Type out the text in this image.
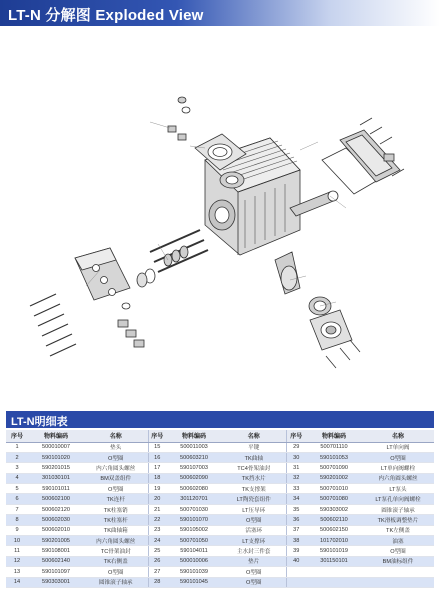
LT-N 分解图 Exploded View
LT-N明细表
序号	物料编码	名称	序号	物料编码	名称	序号	物料编码	名称
1	500010007	垫头	15	500011003	平键	29	500701110	LT单向阀
2	590101020	O型圈	16	500603210	TK曲轴	30	590101053	O型圈
3	590201015	内六角圆头螺丝	17	590107003	TC4骨架油封	31	500701090	LT单向阀螺栓
4	301030101	BM双盖组件	18	500602090	TK挡水片	32	590201002	内六角圆头螺丝
5	590101011	O型圈	19	500602080	TK支撑架	33	500701010	LT泵头
6	500602100	TK连杆	20	301120701	LT陶瓷套组件	34	500701080	LT泵孔单向阀螺栓
7	500602120	TK柱塞销	21	500701030	LT压导环	35	590303002	圆锥滚子轴承
8	500602030	TK柱塞杆	22	590101070	O型圈	36	500602110	TK滑板调整垫片
9	500602010	TK曲轴箱	23	590105002	活塞环	37	500602150	TK左侧盖
10	590201005	内六角圆头螺丝	24	500701050	LT支撑环	38	101702010	油塞
11	590108001	TC骨架油封	25	590104011	主水封三件套	39	590101019	O型圈
12	500602140	TK右侧盖	26	500010006	垫片	40	301150101	BM油标组件
13	590101097	O型圈	27	590101039	O型圈			
14	590303001	圆锥滚子轴承	28	590101045	O型圈			
